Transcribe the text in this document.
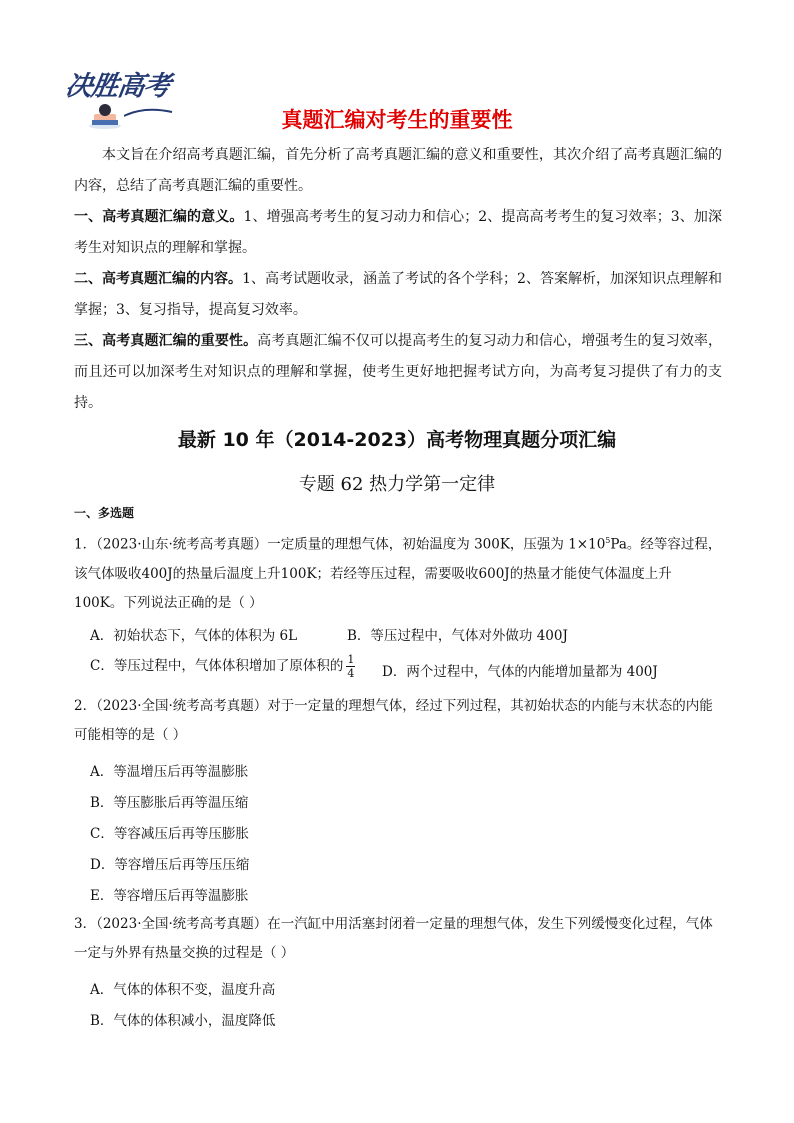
决胜高考
真题汇编对考生的重要性
本文旨在介绍高考真题汇编，首先分析了高考真题汇编的意义和重要性，其次介绍了高考真题汇编的内容，总结了高考真题汇编的重要性。
一、高考真题汇编的意义。1、增强高考考生的复习动力和信心；2、提高高考考生的复习效率；3、加深考生对知识点的理解和掌握。
二、高考真题汇编的内容。1、高考试题收录，涵盖了考试的各个学科；2、答案解析，加深知识点理解和掌握；3、复习指导，提高复习效率。
三、高考真题汇编的重要性。高考真题汇编不仅可以提高考生的复习动力和信心，增强考生的复习效率，而且还可以加深考生对知识点的理解和掌握，使考生更好地把握考试方向，为高考复习提供了有力的支持。
最新 10 年（2014-2023）高考物理真题分项汇编
专题 62 热力学第一定律
一、多选题
1．（2023·山东·统考高考真题）一定质量的理想气体，初始温度为 300K，压强为 $1\times 10^5Pa$。经等容过程，
该气体吸收400J的热量后温度上升100K；若经等压过程，需要吸收600J的热量才能使气体温度上升
100K。下列说法正确的是（ ）
A．初始状态下，气体的体积为 6L	B．等压过程中，气体对外做功 400J
C．等压过程中，气体体积增加了原体积的 $\frac{1}{4}$ D．两个过程中，气体的内能增加量都为 400J
2．（2023·全国·统考高考真题）对于一定量的理想气体，经过下列过程，其初始状态的内能与末状态的内能
可能相等的是（ ）
A．等温增压后再等温膨胀
B．等压膨胀后再等温压缩
C．等容减压后再等压膨胀
D．等容增压后再等压压缩
E．等容增压后再等温膨胀
3．（2023·全国·统考高考真题）在一汽缸中用活塞封闭着一定量的理想气体，发生下列缓慢变化过程，气体
一定与外界有热量交换的过程是（ ）
A．气体的体积不变，温度升高
B．气体的体积减小，温度降低
